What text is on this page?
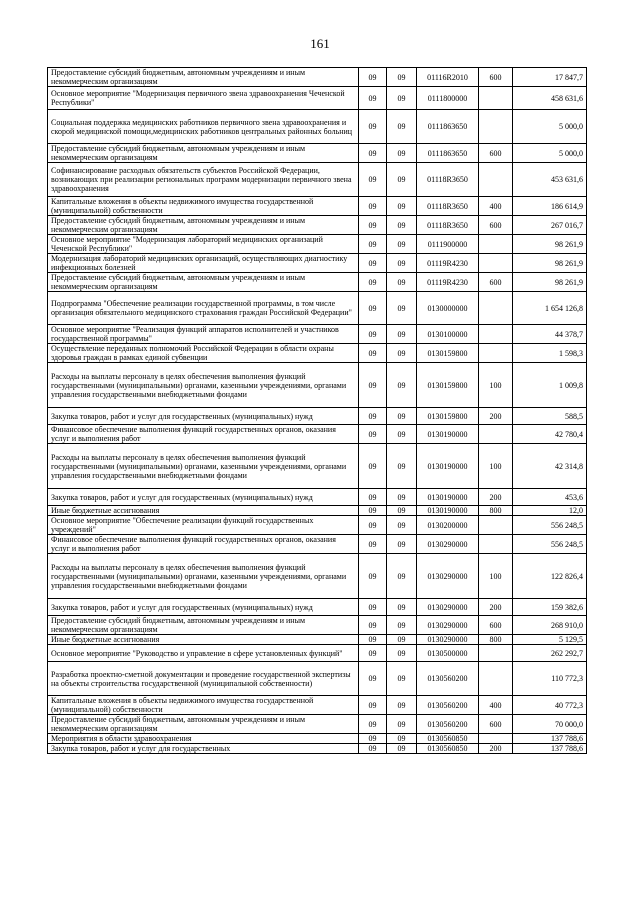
161
Предоставление субсидий бюджетным, автономным учреждениям и иным некоммерческим организациям	09	09	01116R2010	600	17 847,7
Основное мероприятие "Модернизация первичного звена здравоохранения Чеченской Республики"	09	09	0111800000		458 631,6
Социальная поддержка медицинских работников первичного звена здравоохранения и скорой медицинской помощи,медицинских работников центральных районных больниц	09	09	0111863650		5 000,0
Предоставление субсидий бюджетным, автономным учреждениям и иным некоммерческим организациям	09	09	0111863650	600	5 000,0
Софинансирование расходных обязательств субъектов Российской Федерации, возникающих при реализации региональных программ модернизации первичного звена здравоохранения	09	09	01118R3650		453 631,6
Капитальные вложения в объекты недвижимого имущества государственной (муниципальной) собственности	09	09	01118R3650	400	186 614,9
Предоставление субсидий бюджетным, автономным учреждениям и иным некоммерческим организациям	09	09	01118R3650	600	267 016,7
Основное мероприятие "Модернизация лабораторий медицинских организаций Чеченской Республики"	09	09	0111900000		98 261,9
Модернизация лабораторий медицинских организаций, осуществляющих диагностику инфекционных болезней	09	09	01119R4230		98 261,9
Предоставление субсидий бюджетным, автономным учреждениям и иным некоммерческим организациям	09	09	01119R4230	600	98 261,9
Подпрограмма "Обеспечение реализации государственной программы, в том числе организация обязательного медицинского страхования граждан Российской Федерации"	09	09	0130000000		1 654 126,8
Основное мероприятие "Реализация функций аппаратов исполнителей и участников государственной программы"	09	09	0130100000		44 378,7
Осуществление переданных полномочий Российской Федерации в области охраны здоровья граждан в рамках единой субвенции	09	09	0130159800		1 598,3
Расходы на выплаты персоналу в целях обеспечения выполнения функций государственными (муниципальными) органами, казенными учреждениями, органами управления государственными внебюджетными фондами	09	09	0130159800	100	1 009,8
Закупка товаров, работ и услуг для государственных (муниципальных) нужд	09	09	0130159800	200	588,5
Финансовое обеспечение выполнения функций государственных органов, оказания услуг и выполнения работ	09	09	0130190000		42 780,4
Расходы на выплаты персоналу в целях обеспечения выполнения функций государственными (муниципальными) органами, казенными учреждениями, органами управления государственными внебюджетными фондами	09	09	0130190000	100	42 314,8
Закупка товаров, работ и услуг для государственных (муниципальных) нужд	09	09	0130190000	200	453,6
Иные бюджетные ассигнования	09	09	0130190000	800	12,0
Основное мероприятие "Обеспечение реализации функций государственных учреждений"	09	09	0130200000		556 248,5
Финансовое обеспечение выполнения функций государственных органов, оказания услуг и выполнения работ	09	09	0130290000		556 248,5
Расходы на выплаты персоналу в целях обеспечения выполнения функций государственными (муниципальными) органами, казенными учреждениями, органами управления государственными внебюджетными фондами	09	09	0130290000	100	122 826,4
Закупка товаров, работ и услуг для государственных (муниципальных) нужд	09	09	0130290000	200	159 382,6
Предоставление субсидий бюджетным, автономным учреждениям и иным некоммерческим организациям	09	09	0130290000	600	268 910,0
Иные бюджетные ассигнования	09	09	0130290000	800	5 129,5
Основное мероприятие "Руководство и управление в сфере установленных функций"	09	09	0130500000		262 292,7
Разработка проектно-сметной документации и проведение государственной экспертизы на объекты строительства государственной (муниципальной собственности)	09	09	0130560200		110 772,3
Капитальные вложения в объекты недвижимого имущества государственной (муниципальной) собственности	09	09	0130560200	400	40 772,3
Предоставление субсидий бюджетным, автономным учреждениям и иным некоммерческим организациям	09	09	0130560200	600	70 000,0
Мероприятия в области здравоохранения	09	09	0130560850		137 788,6
Закупка товаров, работ и услуг для государственных	09	09	0130560850	200	137 788,6
